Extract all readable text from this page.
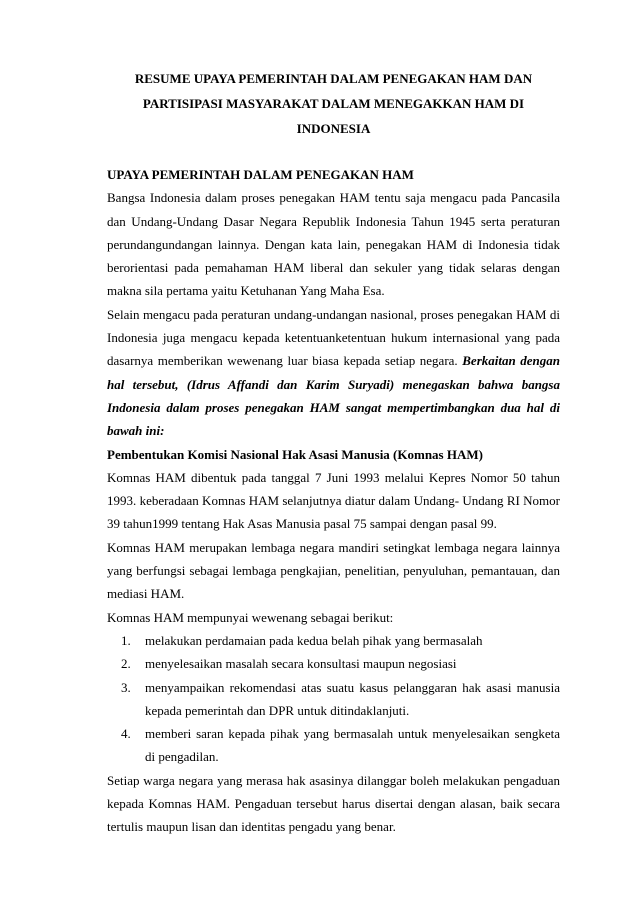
RESUME UPAYA PEMERINTAH DALAM PENEGAKAN HAM DAN
PARTISIPASI MASYARAKAT DALAM MENEGAKKAN HAM DI
INDONESIA

UPAYA PEMERINTAH DALAM PENEGAKAN HAM

Bangsa Indonesia dalam proses penegakan HAM tentu saja mengacu pada Pancasila dan Undang-Undang Dasar Negara Republik Indonesia Tahun 1945 serta peraturan perundangundangan lainnya. Dengan kata lain, penegakan HAM di Indonesia tidak berorientasi pada pemahaman HAM liberal dan sekuler yang tidak selaras dengan makna sila pertama yaitu Ketuhanan Yang Maha Esa.

Selain mengacu pada peraturan undang-undangan nasional, proses penegakan HAM di Indonesia juga mengacu kepada ketentuanketentuan hukum internasional yang pada dasarnya memberikan wewenang luar biasa kepada setiap negara. Berkaitan dengan hal tersebut, (Idrus Affandi dan Karim Suryadi) menegaskan bahwa bangsa Indonesia dalam proses penegakan HAM sangat mempertimbangkan dua hal di bawah ini:

Pembentukan Komisi Nasional Hak Asasi Manusia (Komnas HAM)

Komnas HAM dibentuk pada tanggal 7 Juni 1993 melalui Kepres Nomor 50 tahun 1993. keberadaan Komnas HAM selanjutnya diatur dalam Undang- Undang RI Nomor 39 tahun1999 tentang Hak Asas Manusia pasal 75 sampai dengan pasal 99.

Komnas HAM merupakan lembaga negara mandiri setingkat lembaga negara lainnya yang berfungsi sebagai lembaga pengkajian, penelitian, penyuluhan, pemantauan, dan mediasi HAM.

Komnas HAM mempunyai wewenang sebagai berikut:

1. melakukan perdamaian pada kedua belah pihak yang bermasalah
2. menyelesaikan masalah secara konsultasi maupun negosiasi
3. menyampaikan rekomendasi atas suatu kasus pelanggaran hak asasi manusia kepada pemerintah dan DPR untuk ditindaklanjuti.
4. memberi saran kepada pihak yang bermasalah untuk menyelesaikan sengketa di pengadilan.

Setiap warga negara yang merasa hak asasinya dilanggar boleh melakukan pengaduan kepada Komnas HAM. Pengaduan tersebut harus disertai dengan alasan, baik secara tertulis maupun lisan dan identitas pengadu yang benar.
